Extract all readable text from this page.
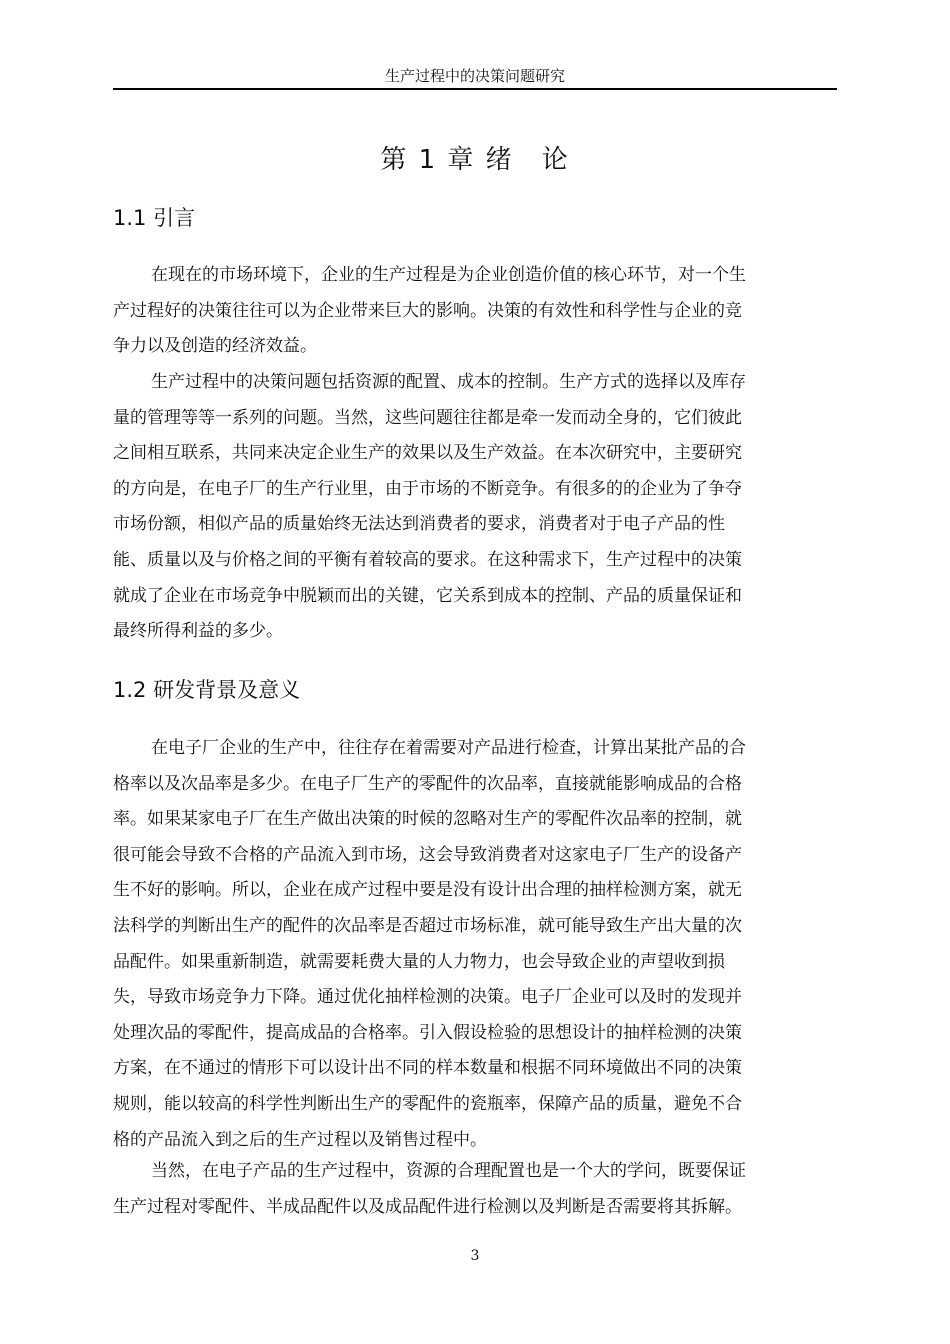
生产过程中的决策问题研究
第 1 章 绪　论
1.1 引言

在现在的市场环境下，企业的生产过程是为企业创造价值的核心环节，对一个生
产过程好的决策往往可以为企业带来巨大的影响。决策的有效性和科学性与企业的竞
争力以及创造的经济效益。

生产过程中的决策问题包括资源的配置、成本的控制。生产方式的选择以及库存
量的管理等等一系列的问题。当然，这些问题往往都是牵一发而动全身的，它们彼此
之间相互联系，共同来决定企业生产的效果以及生产效益。在本次研究中，主要研究
的方向是，在电子厂的生产行业里，由于市场的不断竞争。有很多的的企业为了争夺
市场份额，相似产品的质量始终无法达到消费者的要求，消费者对于电子产品的性
能、质量以及与价格之间的平衡有着较高的要求。在这种需求下，生产过程中的决策
就成了企业在市场竞争中脱颖而出的关键，它关系到成本的控制、产品的质量保证和
最终所得利益的多少。

1.2 研发背景及意义

在电子厂企业的生产中，往往存在着需要对产品进行检查，计算出某批产品的合
格率以及次品率是多少。在电子厂生产的零配件的次品率，直接就能影响成品的合格
率。如果某家电子厂在生产做出决策的时候的忽略对生产的零配件次品率的控制，就
很可能会导致不合格的产品流入到市场，这会导致消费者对这家电子厂生产的设备产
生不好的影响。所以，企业在成产过程中要是没有设计出合理的抽样检测方案，就无
法科学的判断出生产的配件的次品率是否超过市场标准，就可能导致生产出大量的次
品配件。如果重新制造，就需要耗费大量的人力物力，也会导致企业的声望收到损
失，导致市场竞争力下降。通过优化抽样检测的决策。电子厂企业可以及时的发现并
处理次品的零配件，提高成品的合格率。引入假设检验的思想设计的抽样检测的决策
方案，在不通过的情形下可以设计出不同的样本数量和根据不同环境做出不同的决策
规则，能以较高的科学性判断出生产的零配件的瓷瓶率，保障产品的质量，避免不合
格的产品流入到之后的生产过程以及销售过程中。

当然，在电子产品的生产过程中，资源的合理配置也是一个大的学问，既要保证
生产过程对零配件、半成品配件以及成品配件进行检测以及判断是否需要将其拆解。

3
